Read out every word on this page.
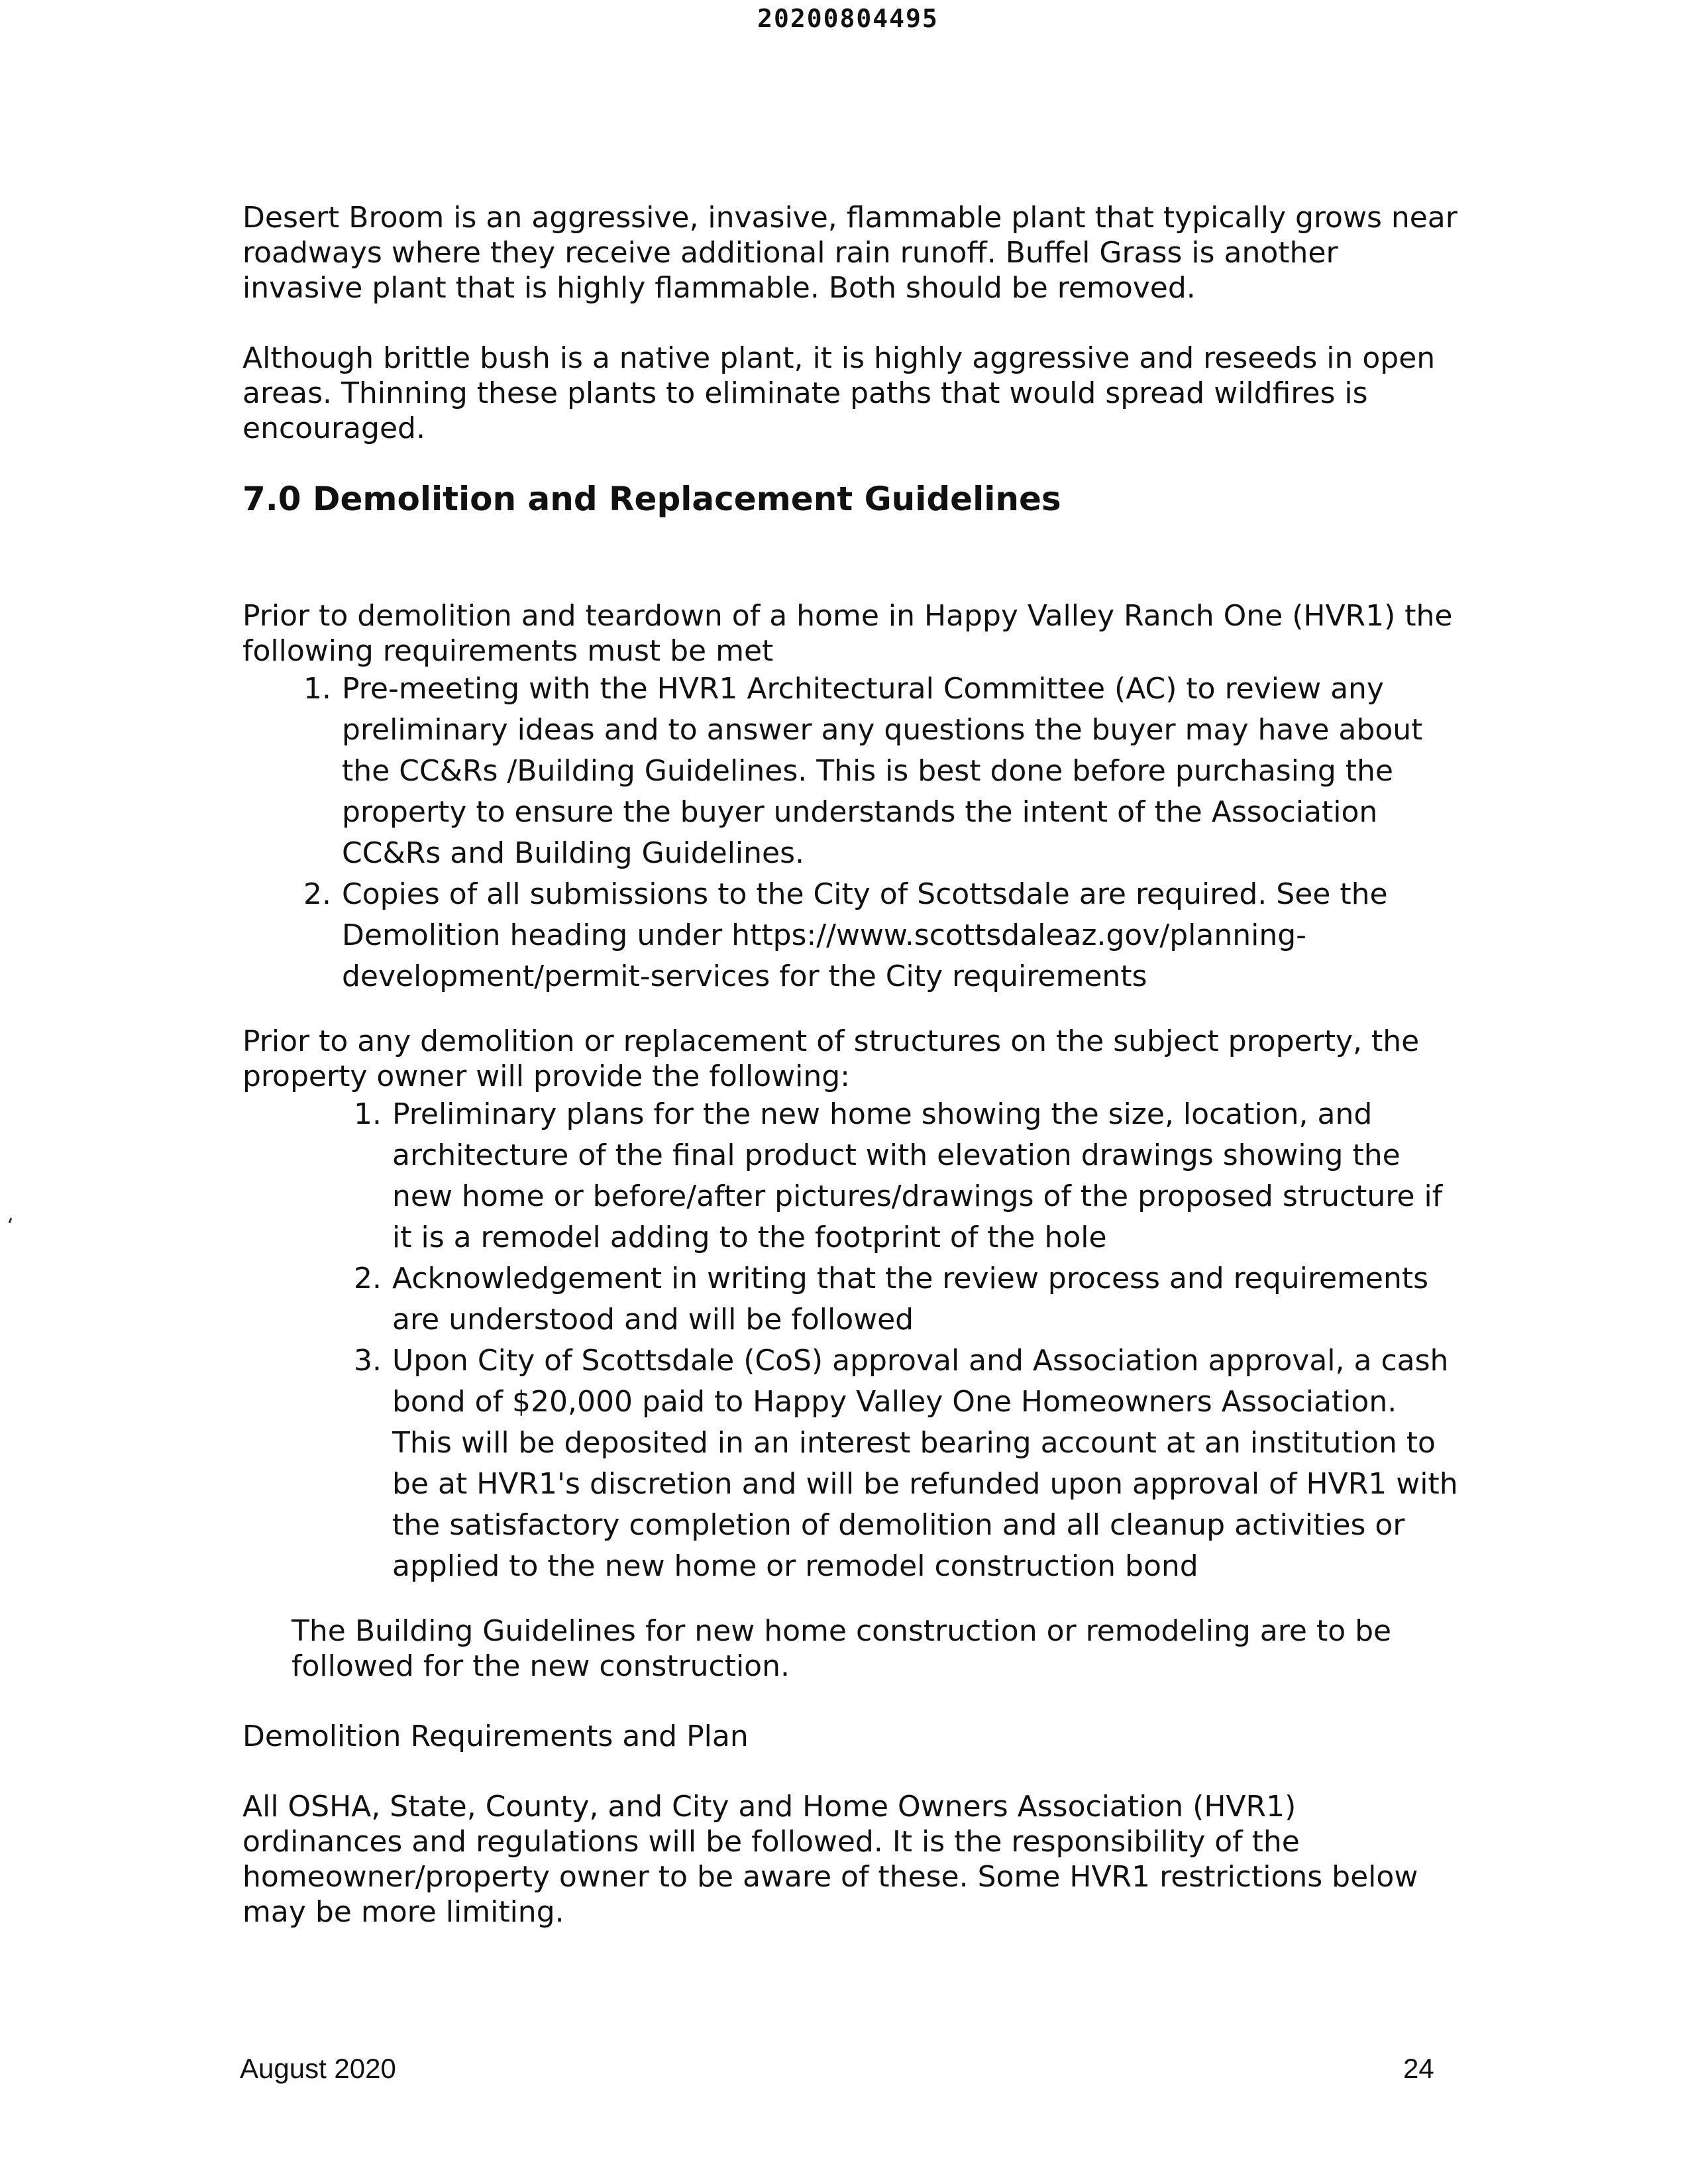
20200804495

Desert Broom is an aggressive, invasive, flammable plant that typically grows near roadways where they receive additional rain runoff. Buffel Grass is another invasive plant that is highly flammable. Both should be removed.

Although brittle bush is a native plant, it is highly aggressive and reseeds in open areas. Thinning these plants to eliminate paths that would spread wildfires is encouraged.

7.0 Demolition and Replacement Guidelines

Prior to demolition and teardown of a home in Happy Valley Ranch One (HVR1) the following requirements must be met

1. Pre-meeting with the HVR1 Architectural Committee (AC) to review any preliminary ideas and to answer any questions the buyer may have about the CC&Rs /Building Guidelines. This is best done before purchasing the property to ensure the buyer understands the intent of the Association CC&Rs and Building Guidelines.
2. Copies of all submissions to the City of Scottsdale are required. See the Demolition heading under https://www.scottsdaleaz.gov/planning-development/permit-services for the City requirements

Prior to any demolition or replacement of structures on the subject property, the property owner will provide the following:

1. Preliminary plans for the new home showing the size, location, and architecture of the final product with elevation drawings showing the new home or before/after pictures/drawings of the proposed structure if it is a remodel adding to the footprint of the hole
2. Acknowledgement in writing that the review process and requirements are understood and will be followed
3. Upon City of Scottsdale (CoS) approval and Association approval, a cash bond of $20,000 paid to Happy Valley One Homeowners Association. This will be deposited in an interest bearing account at an institution to be at HVR1's discretion and will be refunded upon approval of HVR1 with the satisfactory completion of demolition and all cleanup activities or applied to the new home or remodel construction bond

The Building Guidelines for new home construction or remodeling are to be followed for the new construction.

Demolition Requirements and Plan

All OSHA, State, County, and City and Home Owners Association (HVR1) ordinances and regulations will be followed. It is the responsibility of the homeowner/property owner to be aware of these. Some HVR1 restrictions below may be more limiting.

August 2020	24
